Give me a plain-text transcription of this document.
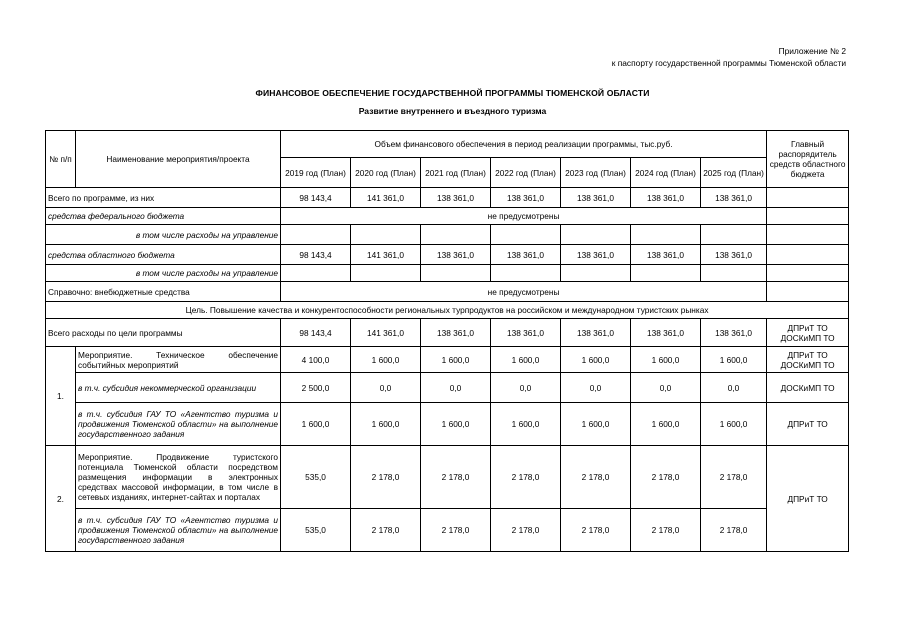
Приложение № 2
к паспорту государственной программы Тюменской области
ФИНАНСОВОЕ ОБЕСПЕЧЕНИЕ ГОСУДАРСТВЕННОЙ ПРОГРАММЫ ТЮМЕНСКОЙ ОБЛАСТИ
Развитие внутреннего и въездного туризма
№ п/п	Наименование мероприятия/проекта	Объем финансового обеспечения в период реализации программы, тыс.руб.							Главный распорядитель средств областного бюджета
		2019 год (План)	2020 год (План)	2021 год (План)	2022 год (План)	2023 год (План)	2024 год (План)	2025 год (План)	
Всего по программе, из них		98 143,4	141 361,0	138 361,0	138 361,0	138 361,0	138 361,0	138 361,0	
средства федерального бюджета		не предусмотрены							
в том числе расходы на управление									
средства областного бюджета		98 143,4	141 361,0	138 361,0	138 361,0	138 361,0	138 361,0	138 361,0	
в том числе расходы на управление									
Справочно: внебюджетные средства		не предусмотрены							
Цель. Повышение качества и конкурентоспособности региональных турпродуктов на российском и международном туристских рынках									
Всего расходы по цели программы		98 143,4	141 361,0	138 361,0	138 361,0	138 361,0	138 361,0	138 361,0	ДПРиТ ТО ДОСКиМП ТО
1.	Мероприятие. Техническое обеспечение событийных мероприятий	4 100,0	1 600,0	1 600,0	1 600,0	1 600,0	1 600,0	1 600,0	ДПРиТ ТО ДОСКиМП ТО
	в т.ч. субсидия некоммерческой организации	2 500,0	0,0	0,0	0,0	0,0	0,0	0,0	ДОСКиМП ТО
	в т.ч. субсидия ГАУ ТО «Агентство туризма и продвижения Тюменской области» на выполнение государственного задания	1 600,0	1 600,0	1 600,0	1 600,0	1 600,0	1 600,0	1 600,0	ДПРиТ ТО
2.	Мероприятие. Продвижение туристского потенциала Тюменской области посредством размещения информации в электронных средствах массовой информации, в том числе в сетевых изданиях, интернет-сайтах и порталах	535,0	2 178,0	2 178,0	2 178,0	2 178,0	2 178,0	2 178,0	ДПРиТ ТО
	в т.ч. субсидия ГАУ ТО «Агентство туризма и продвижения Тюменской области» на выполнение государственного задания	535,0	2 178,0	2 178,0	2 178,0	2 178,0	2 178,0	2 178,0	
